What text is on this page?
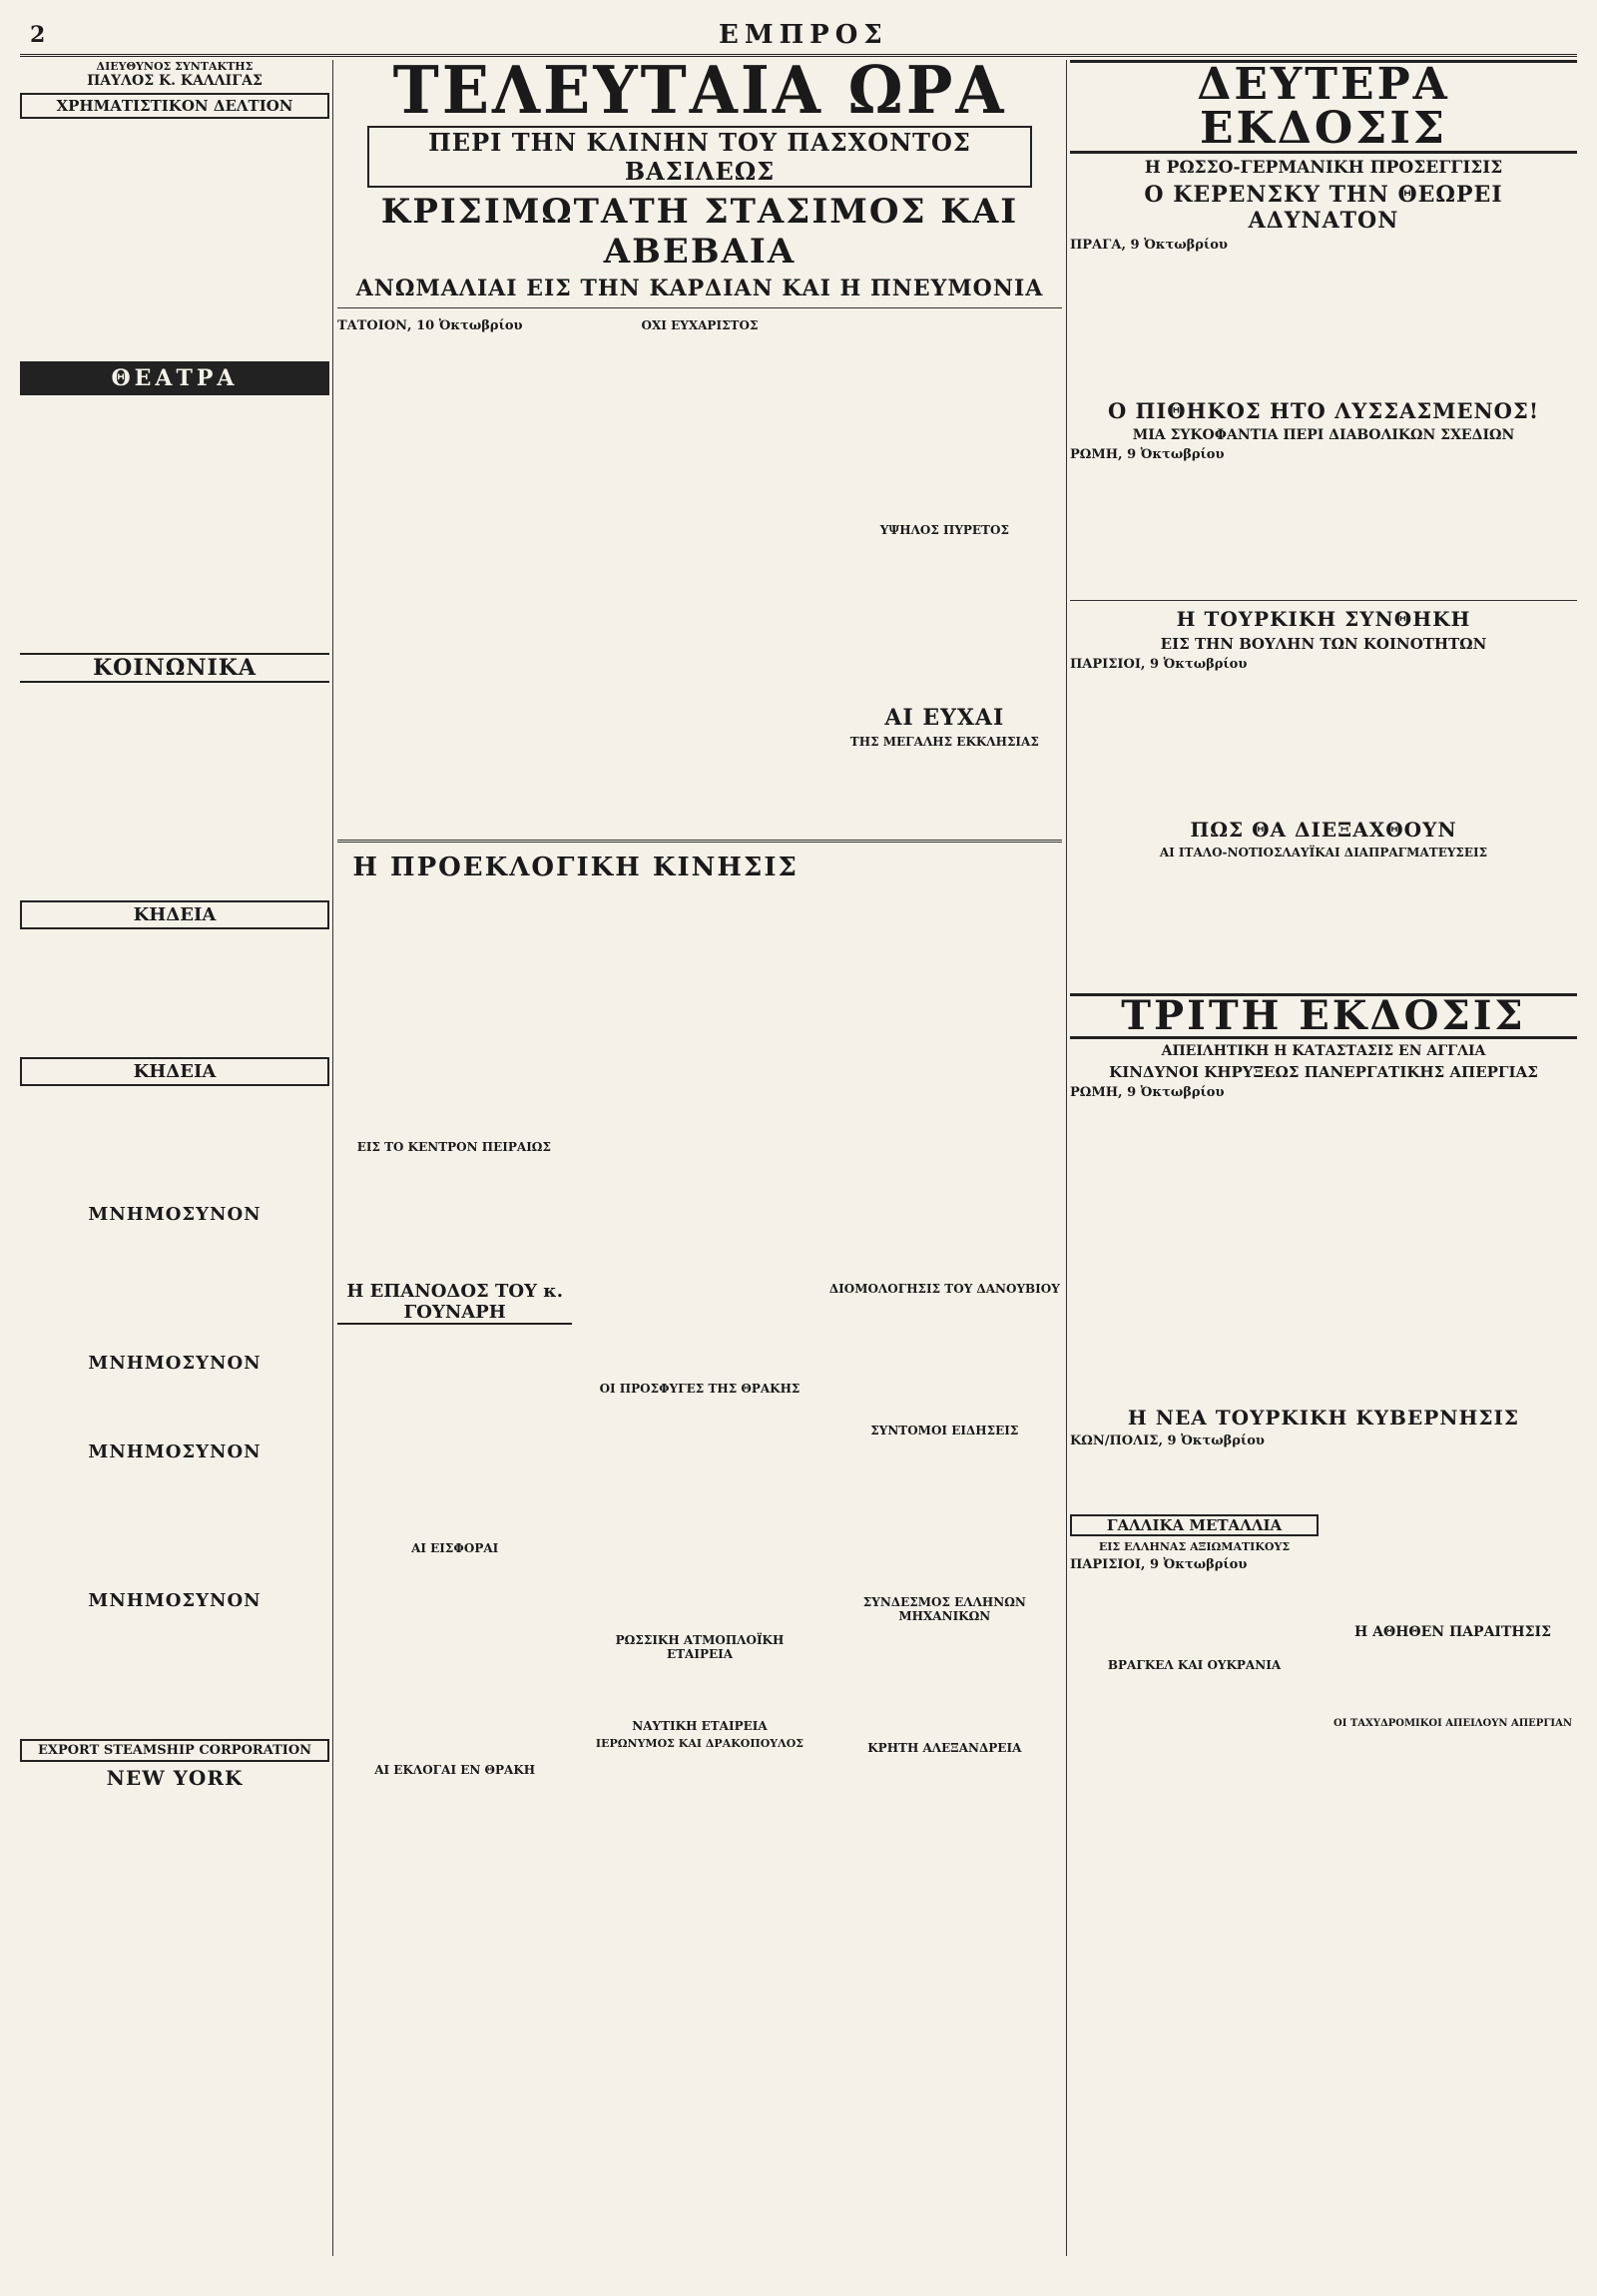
2	ΕΜΠΡΟΣ
ΔΙΕΥΘΥΝΟΣ ΣΥΝΤΑΚΤΗΣ
ΠΑΥΛΟΣ Κ. ΚΑΛΛΙΓΑΣ
ΧΡΗΜΑΤΙΣΤΙΚΟΝ ΔΕΛΤΙΟΝ
ΘΕΑΤΡΑ
ΚΟΙΝΩΝΙΚΑ
ΚΗΔΕΙΑ
ΚΗΔΕΙΑ
ΜΝΗΜΟΣΥΝΟΝ
ΜΝΗΜΟΣΥΝΟΝ
ΜΝΗΜΟΣΥΝΟΝ
ΜΝΗΜΟΣΥΝΟΝ
EXPORT STEAMSHIP CORPORATION
NEW YORK
ΤΕΛΕΥΤΑΙΑ ΩΡΑ
ΠΕΡΙ ΤΗΝ ΚΛΙΝΗΝ ΤΟΥ ΠΑΣΧΟΝΤΟΣ ΒΑΣΙΛΕΩΣ
ΚΡΙΣΙΜΩΤΑΤΗ ΣΤΑΣΙΜΟΣ ΚΑΙ ΑΒΕΒΑΙΑ
ΑΝΩΜΑΛΙΑΙ ΕΙΣ ΤΗΝ ΚΑΡΔΙΑΝ ΚΑΙ Η ΠΝΕΥΜΟΝΙΑ
ΤΑΤΟΙΟΝ, 10 Ὀκτωβρίου	ΟΧΙ ΕΥΧΑΡΙΣΤΟΣ
ΥΨΗΛΟΣ ΠΥΡΕΤΟΣ
ΑΙ ΕΥΧΑΙ
ΤΗΣ ΜΕΓΑΛΗΣ ΕΚΚΛΗΣΙΑΣ
Η ΠΡΟΕΚΛΟΓΙΚΗ ΚΙΝΗΣΙΣ
ΕΙΣ ΤΟ ΚΕΝΤΡΟΝ ΠΕΙΡΑΙΩΣ
Η ΕΠΑΝΟΔΟΣ ΤΟΥ κ. ΓΟΥΝΑΡΗ
ΑΙ ΕΙΣΦΟΡΑΙ
ΑΙ ΕΚΛΟΓΑΙ ΕΝ ΘΡΑΚΗ
ΟΙ ΠΡΟΣΦΥΓΕΣ ΤΗΣ ΘΡΑΚΗΣ
ΡΩΣΣΙΚΗ ΑΤΜΟΠΛΟΪΚΗ ΕΤΑΙΡΕΙΑ
ΝΑΥΤΙΚΗ ΕΤΑΙΡΕΙΑ
ΙΕΡΩΝΥΜΟΣ ΚΑΙ ΔΡΑΚΟΠΟΥΛΟΣ
ΔΙΟΜΟΛΟΓΗΣΙΣ ΤΟΥ ΔΑΝΟΥΒΙΟΥ
ΣΥΝΤΟΜΟΙ ΕΙΔΗΣΕΙΣ
ΣΥΝΔΕΣΜΟΣ ΕΛΛΗΝΩΝ ΜΗΧΑΝΙΚΩΝ
ΚΡΗΤΗ ΑΛΕΞΑΝΔΡΕΙΑ
ΔΕΥΤΕΡΑ ΕΚΔΟΣΙΣ
Η ΡΩΣΣΟ-ΓΕΡΜΑΝΙΚΗ ΠΡΟΣΕΓΓΙΣΙΣ
Ο ΚΕΡΕΝΣΚΥ ΤΗΝ ΘΕΩΡΕΙ ΑΔΥΝΑΤΟΝ
ΠΡΑΓΑ, 9 Ὀκτωβρίου
Ο ΠΙΘΗΚΟΣ ΗΤΟ ΛΥΣΣΑΣΜΕΝΟΣ!
ΜΙΑ ΣΥΚΟΦΑΝΤΙΑ ΠΕΡΙ ΔΙΑΒΟΛΙΚΩΝ ΣΧΕΔΙΩΝ
ΡΩΜΗ, 9 Ὀκτωβρίου
Η ΤΟΥΡΚΙΚΗ ΣΥΝΘΗΚΗ
ΕΙΣ ΤΗΝ ΒΟΥΛΗΝ ΤΩΝ ΚΟΙΝΟΤΗΤΩΝ
ΠΑΡΙΣΙΟΙ, 9 Ὀκτωβρίου
ΠΩΣ ΘΑ ΔΙΕΞΑΧΘΟΥΝ
ΑΙ ΙΤΑΛΟ-ΝΟΤΙΟΣΛΑΥΪΚΑΙ ΔΙΑΠΡΑΓΜΑΤΕΥΣΕΙΣ
ΤΡΙΤΗ ΕΚΔΟΣΙΣ
ΑΠΕΙΛΗΤΙΚΗ Η ΚΑΤΑΣΤΑΣΙΣ ΕΝ ΑΓΓΛΙΑ
ΚΙΝΔΥΝΟΙ ΚΗΡΥΞΕΩΣ ΠΑΝΕΡΓΑΤΙΚΗΣ ΑΠΕΡΓΙΑΣ
ΡΩΜΗ, 9 Ὀκτωβρίου
Η ΝΕΑ ΤΟΥΡΚΙΚΗ ΚΥΒΕΡΝΗΣΙΣ
ΚΩΝ/ΠΟΛΙΣ, 9 Ὀκτωβρίου
ΓΑΛΛΙΚΑ ΜΕΤΑΛΛΙΑ
ΕΙΣ ΕΛΛΗΝΑΣ ΑΞΙΩΜΑΤΙΚΟΥΣ
ΠΑΡΙΣΙΟΙ, 9 Ὀκτωβρίου
ΒΡΑΓΚΕΛ ΚΑΙ ΟΥΚΡΑΝΙΑ
Η ΑΘΗΘΕΝ ΠΑΡΑΙΤΗΣΙΣ
ΟΙ ΤΑΧΥΔΡΟΜΙΚΟΙ ΑΠΕΙΛΟΥΝ ΑΠΕΡΓΙΑΝ
